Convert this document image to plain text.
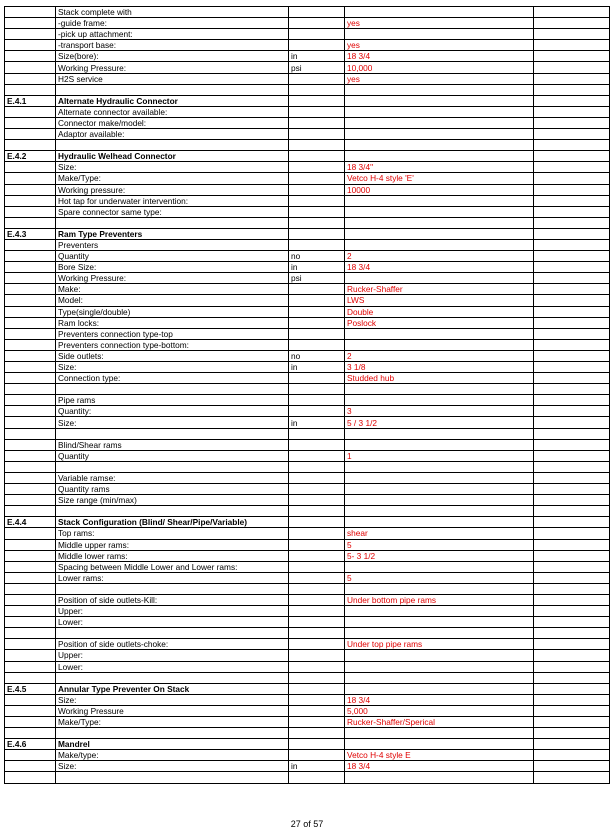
	Stack complete with			
	-guide frame:		yes	
	-pick up attachment:			
	-transport base:		yes	
	Size(bore):	in	18 3/4	
	Working Pressure:	psi	10,000	
	H2S service		yes	

E.4.1	Alternate Hydraulic Connector			
	Alternate connector available:			
	Connector make/model:			
	Adaptor available:			

E.4.2	Hydraulic Welhead Connector			
	Size:		18 3/4"	
	Make/Type:		Vetco H-4 style 'E'	
	Working pressure:		10000	
	Hot tap for underwater intervention:			
	Spare connector same type:			

E.4.3	Ram Type Preventers			
	Preventers			
	Quantity	no	2	
	Bore Size:	in	18 3/4	
	Working Pressure:	psi		
	Make:		Rucker-Shaffer	
	Model:		LWS	
	Type(single/double)		Double	
	Ram locks:		Poslock	
	Preventers connection type-top			
	Preventers connection type-bottom:			
	Side outlets:	no	2	
	Size:	in	3 1/8	
	Connection type:		Studded hub	

	Pipe rams			
	Quantity:		3	
	Size:	in	5 / 3 1/2	

	Blind/Shear rams			
	Quantity		1	

	Variable ramse:			
	Quantity rams			
	Size range (min/max)			

E.4.4	Stack Configuration (Blind/ Shear/Pipe/Variable)			
	Top rams:		shear	
	Middle upper rams:		5	
	Middle lower rams:		5- 3 1/2	
	Spacing between Middle Lower and Lower rams:			
	Lower rams:		5	

	Position of side outlets-Kill:		Under bottom pipe rams	
	Upper:			
	Lower:			

	Position of side outlets-choke:		Under top pipe rams	
	Upper:			
	Lower:			

E.4.5	Annular Type Preventer On Stack			
	Size:		18 3/4	
	Working Pressure		5,000	
	Make/Type:		Rucker-Shaffer/Sperical	

E.4.6	Mandrel			
	Make/type:		Vetco H-4 style E	
	Size:	in	18 3/4	

27 of 57
